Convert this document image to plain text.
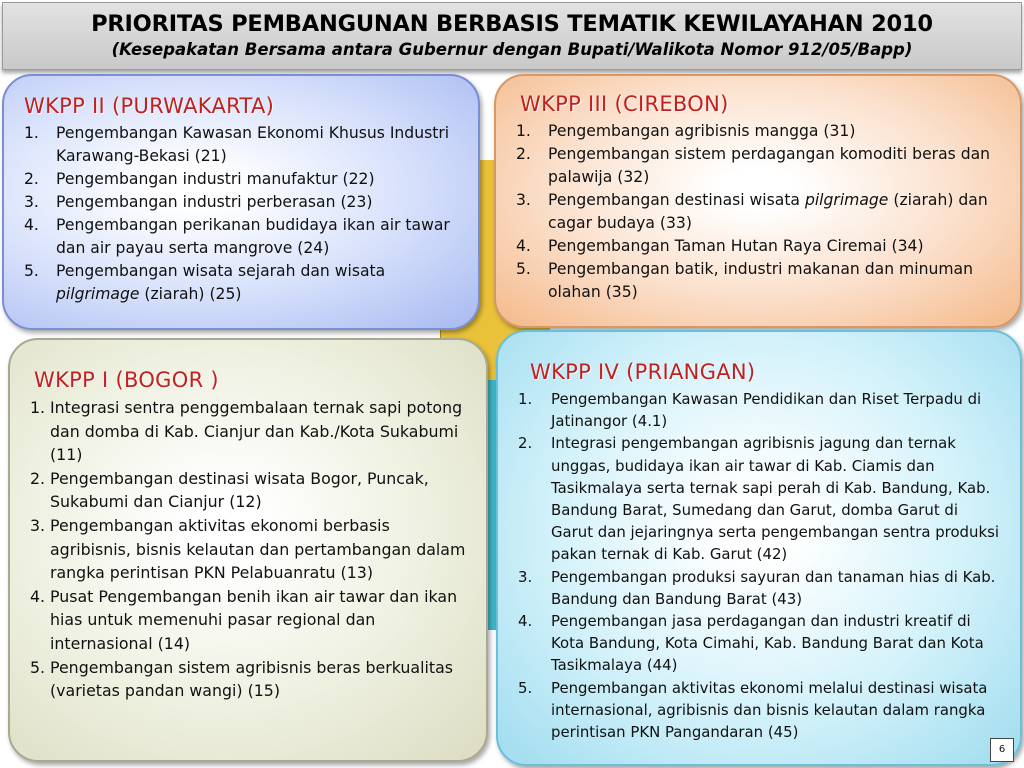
PRIORITAS PEMBANGUNAN BERBASIS TEMATIK KEWILAYAHAN 2010
(Kesepakatan Bersama antara Gubernur dengan Bupati/Walikota Nomor 912/05/Bapp)
WKPP II (PURWAKARTA)
1. Pengembangan Kawasan Ekonomi Khusus Industri Karawang-Bekasi (21)
2. Pengembangan industri manufaktur (22)
3. Pengembangan industri perberasan (23)
4. Pengembangan perikanan budidaya ikan air tawar dan air payau serta mangrove (24)
5. Pengembangan wisata sejarah dan wisata pilgrimage (ziarah) (25)
WKPP III (CIREBON)
1. Pengembangan agribisnis mangga (31)
2. Pengembangan sistem perdagangan komoditi beras dan palawija (32)
3. Pengembangan destinasi wisata pilgrimage (ziarah) dan cagar budaya (33)
4. Pengembangan Taman Hutan Raya Ciremai (34)
5. Pengembangan batik, industri makanan dan minuman olahan (35)
WKPP I (BOGOR )
1. Integrasi sentra penggembalaan ternak sapi potong dan domba di Kab. Cianjur dan Kab./Kota Sukabumi (11)
2. Pengembangan destinasi wisata Bogor, Puncak, Sukabumi dan Cianjur (12)
3. Pengembangan aktivitas ekonomi berbasis agribisnis, bisnis kelautan dan pertambangan dalam rangka perintisan PKN Pelabuanratu (13)
4. Pusat Pengembangan benih ikan air tawar dan ikan hias untuk memenuhi pasar regional dan internasional (14)
5. Pengembangan sistem agribisnis beras berkualitas (varietas pandan wangi) (15)
WKPP IV (PRIANGAN)
1. Pengembangan Kawasan Pendidikan dan Riset Terpadu di Jatinangor (4.1)
2. Integrasi pengembangan agribisnis jagung dan ternak unggas, budidaya ikan air tawar di Kab. Ciamis dan Tasikmalaya serta ternak sapi perah di Kab. Bandung, Kab. Bandung Barat, Sumedang dan Garut, domba Garut di Garut dan jejaringnya serta pengembangan sentra produksi pakan ternak di Kab. Garut (42)
3. Pengembangan produksi sayuran dan tanaman hias di Kab. Bandung dan Bandung Barat (43)
4. Pengembangan jasa perdagangan dan industri kreatif di Kota Bandung, Kota Cimahi, Kab. Bandung Barat dan Kota Tasikmalaya (44)
5. Pengembangan aktivitas ekonomi melalui destinasi wisata internasional, agribisnis dan bisnis kelautan dalam rangka perintisan PKN Pangandaran (45)
6
